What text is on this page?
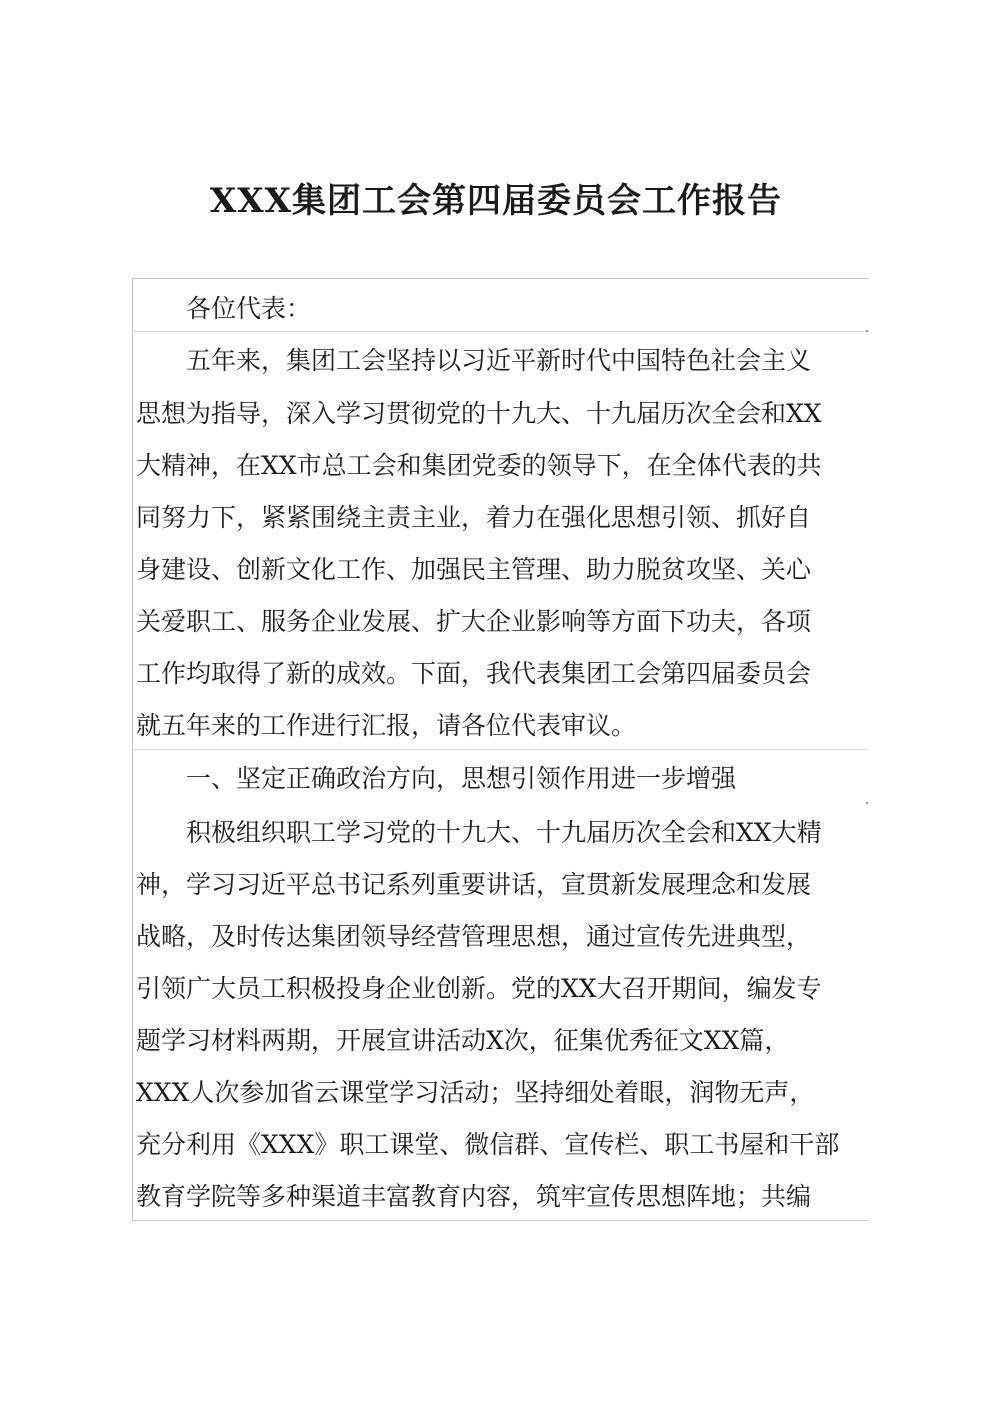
XXX集团工会第四届委员会工作报告
各位代表：
五年来，集团工会坚持以习近平新时代中国特色社会主义
思想为指导，深入学习贯彻党的十九大、十九届历次全会和XX
大精神，在XX市总工会和集团党委的领导下，在全体代表的共
同努力下，紧紧围绕主责主业，着力在强化思想引领、抓好自
身建设、创新文化工作、加强民主管理、助力脱贫攻坚、关心
关爱职工、服务企业发展、扩大企业影响等方面下功夫，各项
工作均取得了新的成效。下面，我代表集团工会第四届委员会
就五年来的工作进行汇报，请各位代表审议。
一、坚定正确政治方向，思想引领作用进一步增强
积极组织职工学习党的十九大、十九届历次全会和XX大精
神，学习习近平总书记系列重要讲话，宣贯新发展理念和发展
战略，及时传达集团领导经营管理思想，通过宣传先进典型，
引领广大员工积极投身企业创新。党的XX大召开期间，编发专
题学习材料两期，开展宣讲活动X次，征集优秀征文XX篇，
XXX人次参加省云课堂学习活动；坚持细处着眼，润物无声，
充分利用《XXX》职工课堂、微信群、宣传栏、职工书屋和干部
教育学院等多种渠道丰富教育内容，筑牢宣传思想阵地；共编
